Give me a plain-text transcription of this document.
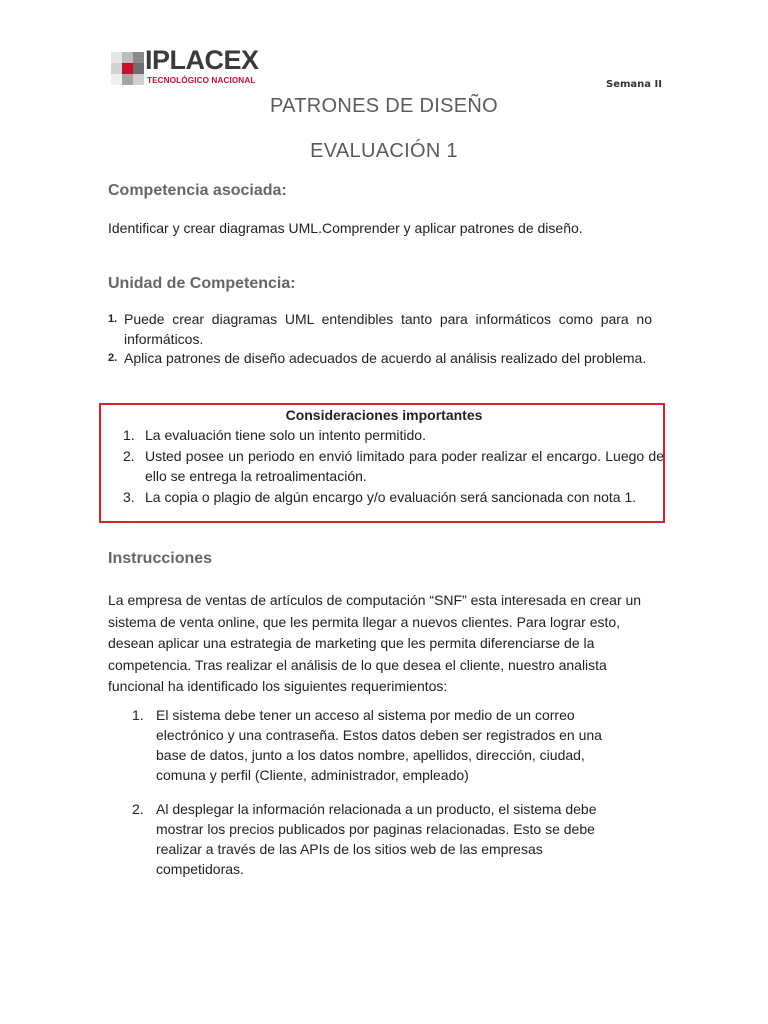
IPLACEX
TECNOLÓGICO NACIONAL	Semana II
PATRONES DE DISEÑO
EVALUACIÓN 1
Competencia asociada:
Identificar y crear diagramas UML.Comprender y aplicar patrones de diseño.
Unidad de Competencia:
1. Puede crear diagramas UML entendibles tanto para informáticos como para no informáticos.
2. Aplica patrones de diseño adecuados de acuerdo al análisis realizado del problema.
Consideraciones importantes
1. La evaluación tiene solo un intento permitido.
2. Usted posee un periodo en envió limitado para poder realizar el encargo. Luego de ello se entrega la retroalimentación.
3. La copia o plagio de algún encargo y/o evaluación será sancionada con nota 1.
Instrucciones
La empresa de ventas de artículos de computación “SNF” esta interesada en crear un sistema de venta online, que les permita llegar a nuevos clientes. Para lograr esto, desean aplicar una estrategia de marketing que les permita diferenciarse de la competencia. Tras realizar el análisis de lo que desea el cliente, nuestro analista funcional ha identificado los siguientes requerimientos:
1. El sistema debe tener un acceso al sistema por medio de un correo electrónico y una contraseña. Estos datos deben ser registrados en una base de datos, junto a los datos nombre, apellidos, dirección, ciudad, comuna y perfil (Cliente, administrador, empleado)
2. Al desplegar la información relacionada a un producto, el sistema debe mostrar los precios publicados por paginas relacionadas. Esto se debe realizar a través de las APIs de los sitios web de las empresas competidoras.
